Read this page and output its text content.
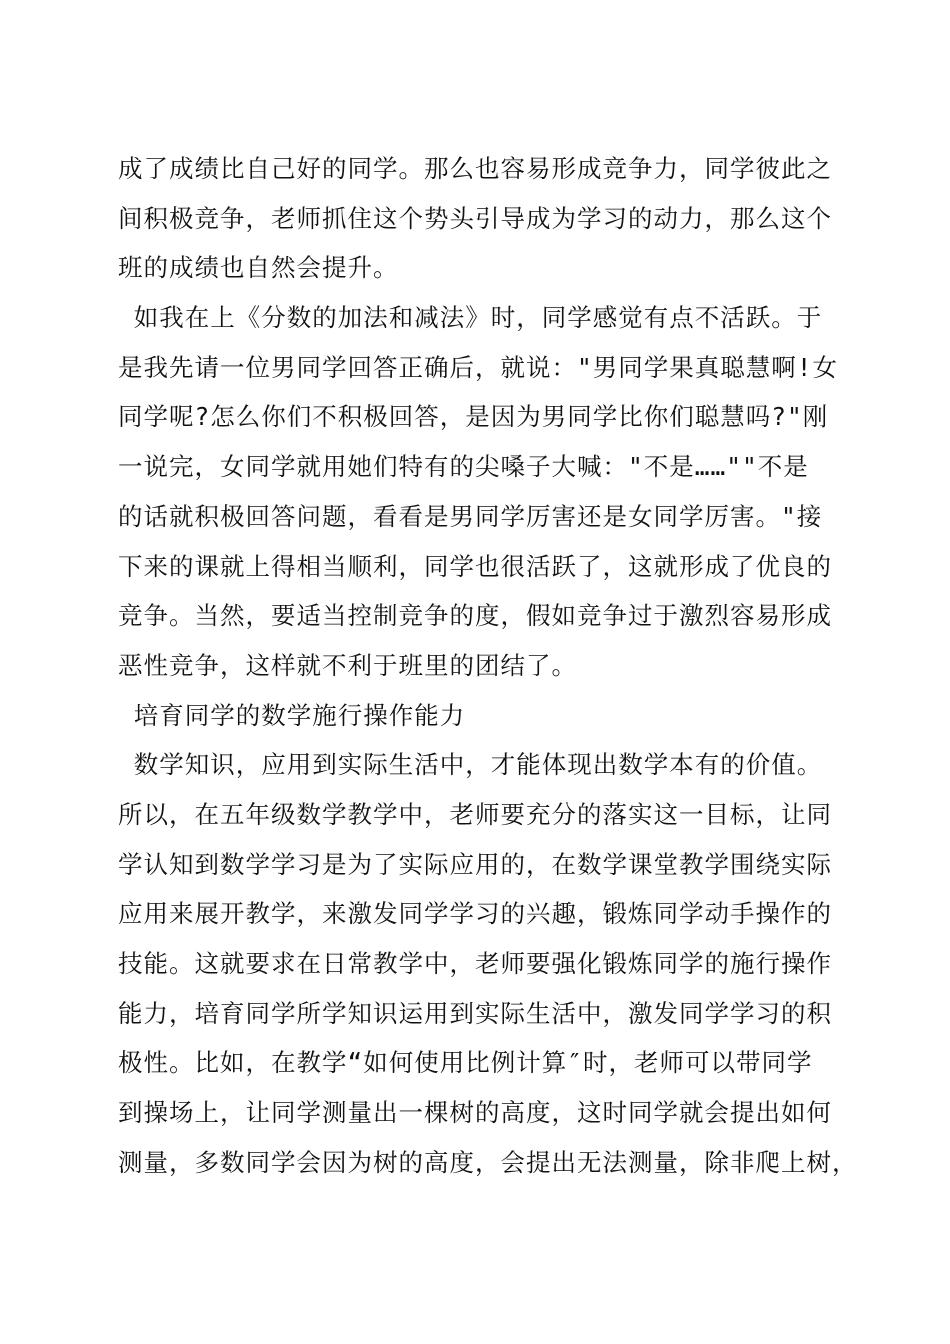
成了成绩比自己好的同学。那么也容易形成竞争力，同学彼此之
间积极竞争，老师抓住这个势头引导成为学习的动力，那么这个
班的成绩也自然会提升。
如我在上《分数的加法和减法》时，同学感觉有点不活跃。于
是我先请一位男同学回答正确后，就说："男同学果真聪慧啊!女
同学呢?怎么你们不积极回答，是因为男同学比你们聪慧吗?"刚
一说完，女同学就用她们特有的尖嗓子大喊："不是……""不是
的话就积极回答问题，看看是男同学厉害还是女同学厉害。"接
下来的课就上得相当顺利，同学也很活跃了，这就形成了优良的
竞争。当然，要适当控制竞争的度，假如竞争过于激烈容易形成
恶性竞争，这样就不利于班里的团结了。
培育同学的数学施行操作能力
数学知识，应用到实际生活中，才能体现出数学本有的价值。
所以，在五年级数学教学中，老师要充分的落实这一目标，让同
学认知到数学学习是为了实际应用的，在数学课堂教学围绕实际
应用来展开教学，来激发同学学习的兴趣，锻炼同学动手操作的
技能。这就要求在日常教学中，老师要强化锻炼同学的施行操作
能力，培育同学所学知识运用到实际生活中，激发同学学习的积
极性。比如，在教学“如何使用比例计算″时，老师可以带同学
到操场上，让同学测量出一棵树的高度，这时同学就会提出如何
测量，多数同学会因为树的高度，会提出无法测量，除非爬上树，
